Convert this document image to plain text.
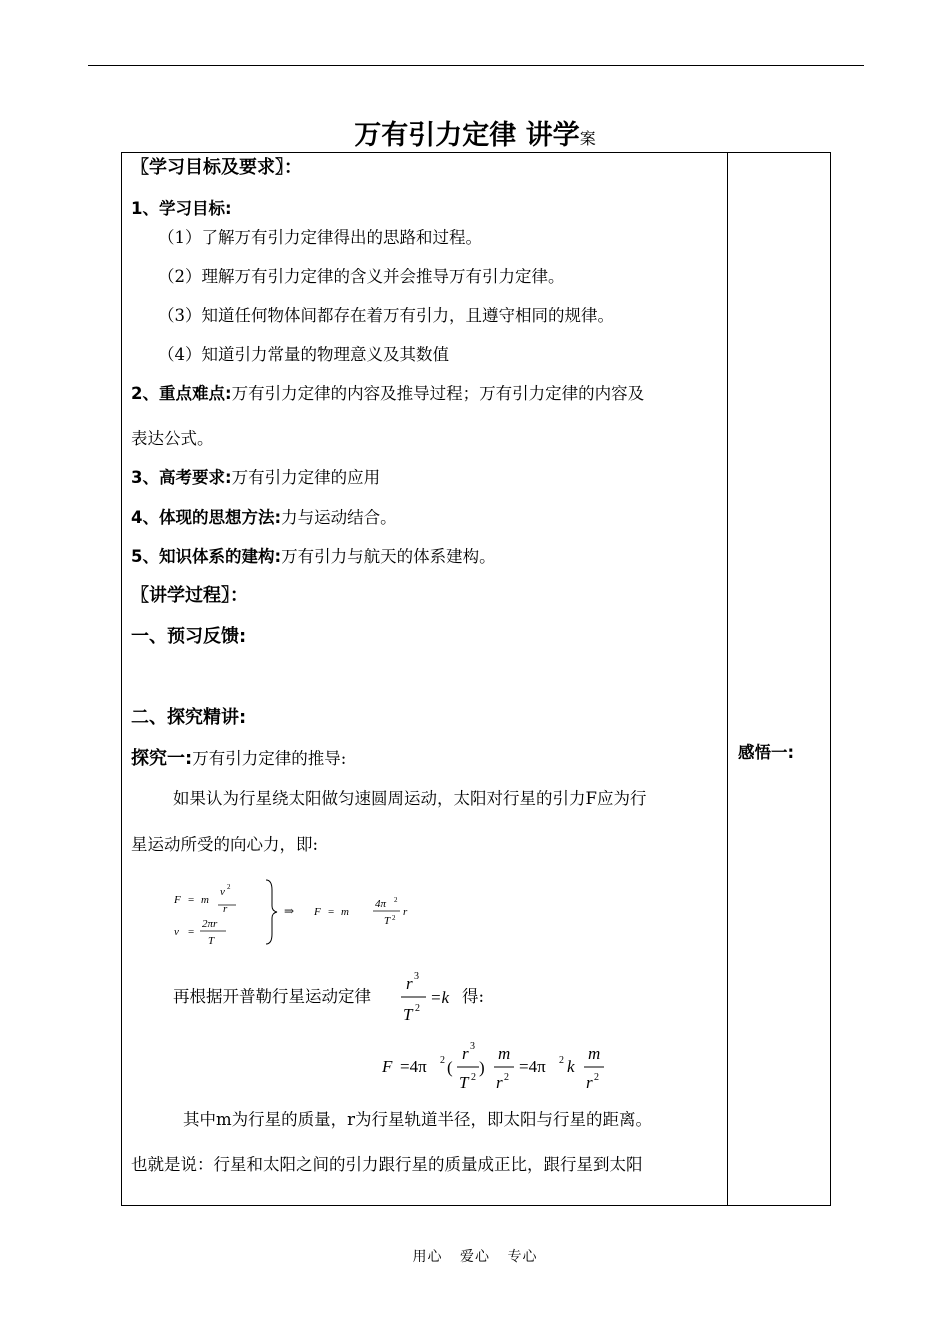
万有引力定律 讲学案
〖学习目标及要求〗：
1、学习目标:
（1）了解万有引力定律得出的思路和过程。
（2）理解万有引力定律的含义并会推导万有引力定律。
（3）知道任何物体间都存在着万有引力，且遵守相同的规律。
（4）知道引力常量的物理意义及其数值
2、重点难点:万有引力定律的内容及推导过程；万有引力定律的内容及
表达公式。
3、高考要求:万有引力定律的应用
4、体现的思想方法:力与运动结合。
5、知识体系的建构:万有引力与航天的体系建构。
〖讲学过程〗：
一、预习反馈:
二、探究精讲:
探究一:万有引力定律的推导:
如果认为行星绕太阳做匀速圆周运动，太阳对行星的引力F应为行
星运动所受的向心力，即:
F = m
v 2
r
v =
2πr
T
⇒ F = m
4π 2
T 2 r
再根据开普勒行星运动定律
r 3
T 2
=k 得:
F =4π 2 (
r 3
T 2
)
m
r 2
=4π 2 k
m
r 2
其中m为行星的质量，r为行星轨道半径，即太阳与行星的距离。
也就是说：行星和太阳之间的引力跟行星的质量成正比，跟行星到太阳
感悟一:
用心 爱心 专心
